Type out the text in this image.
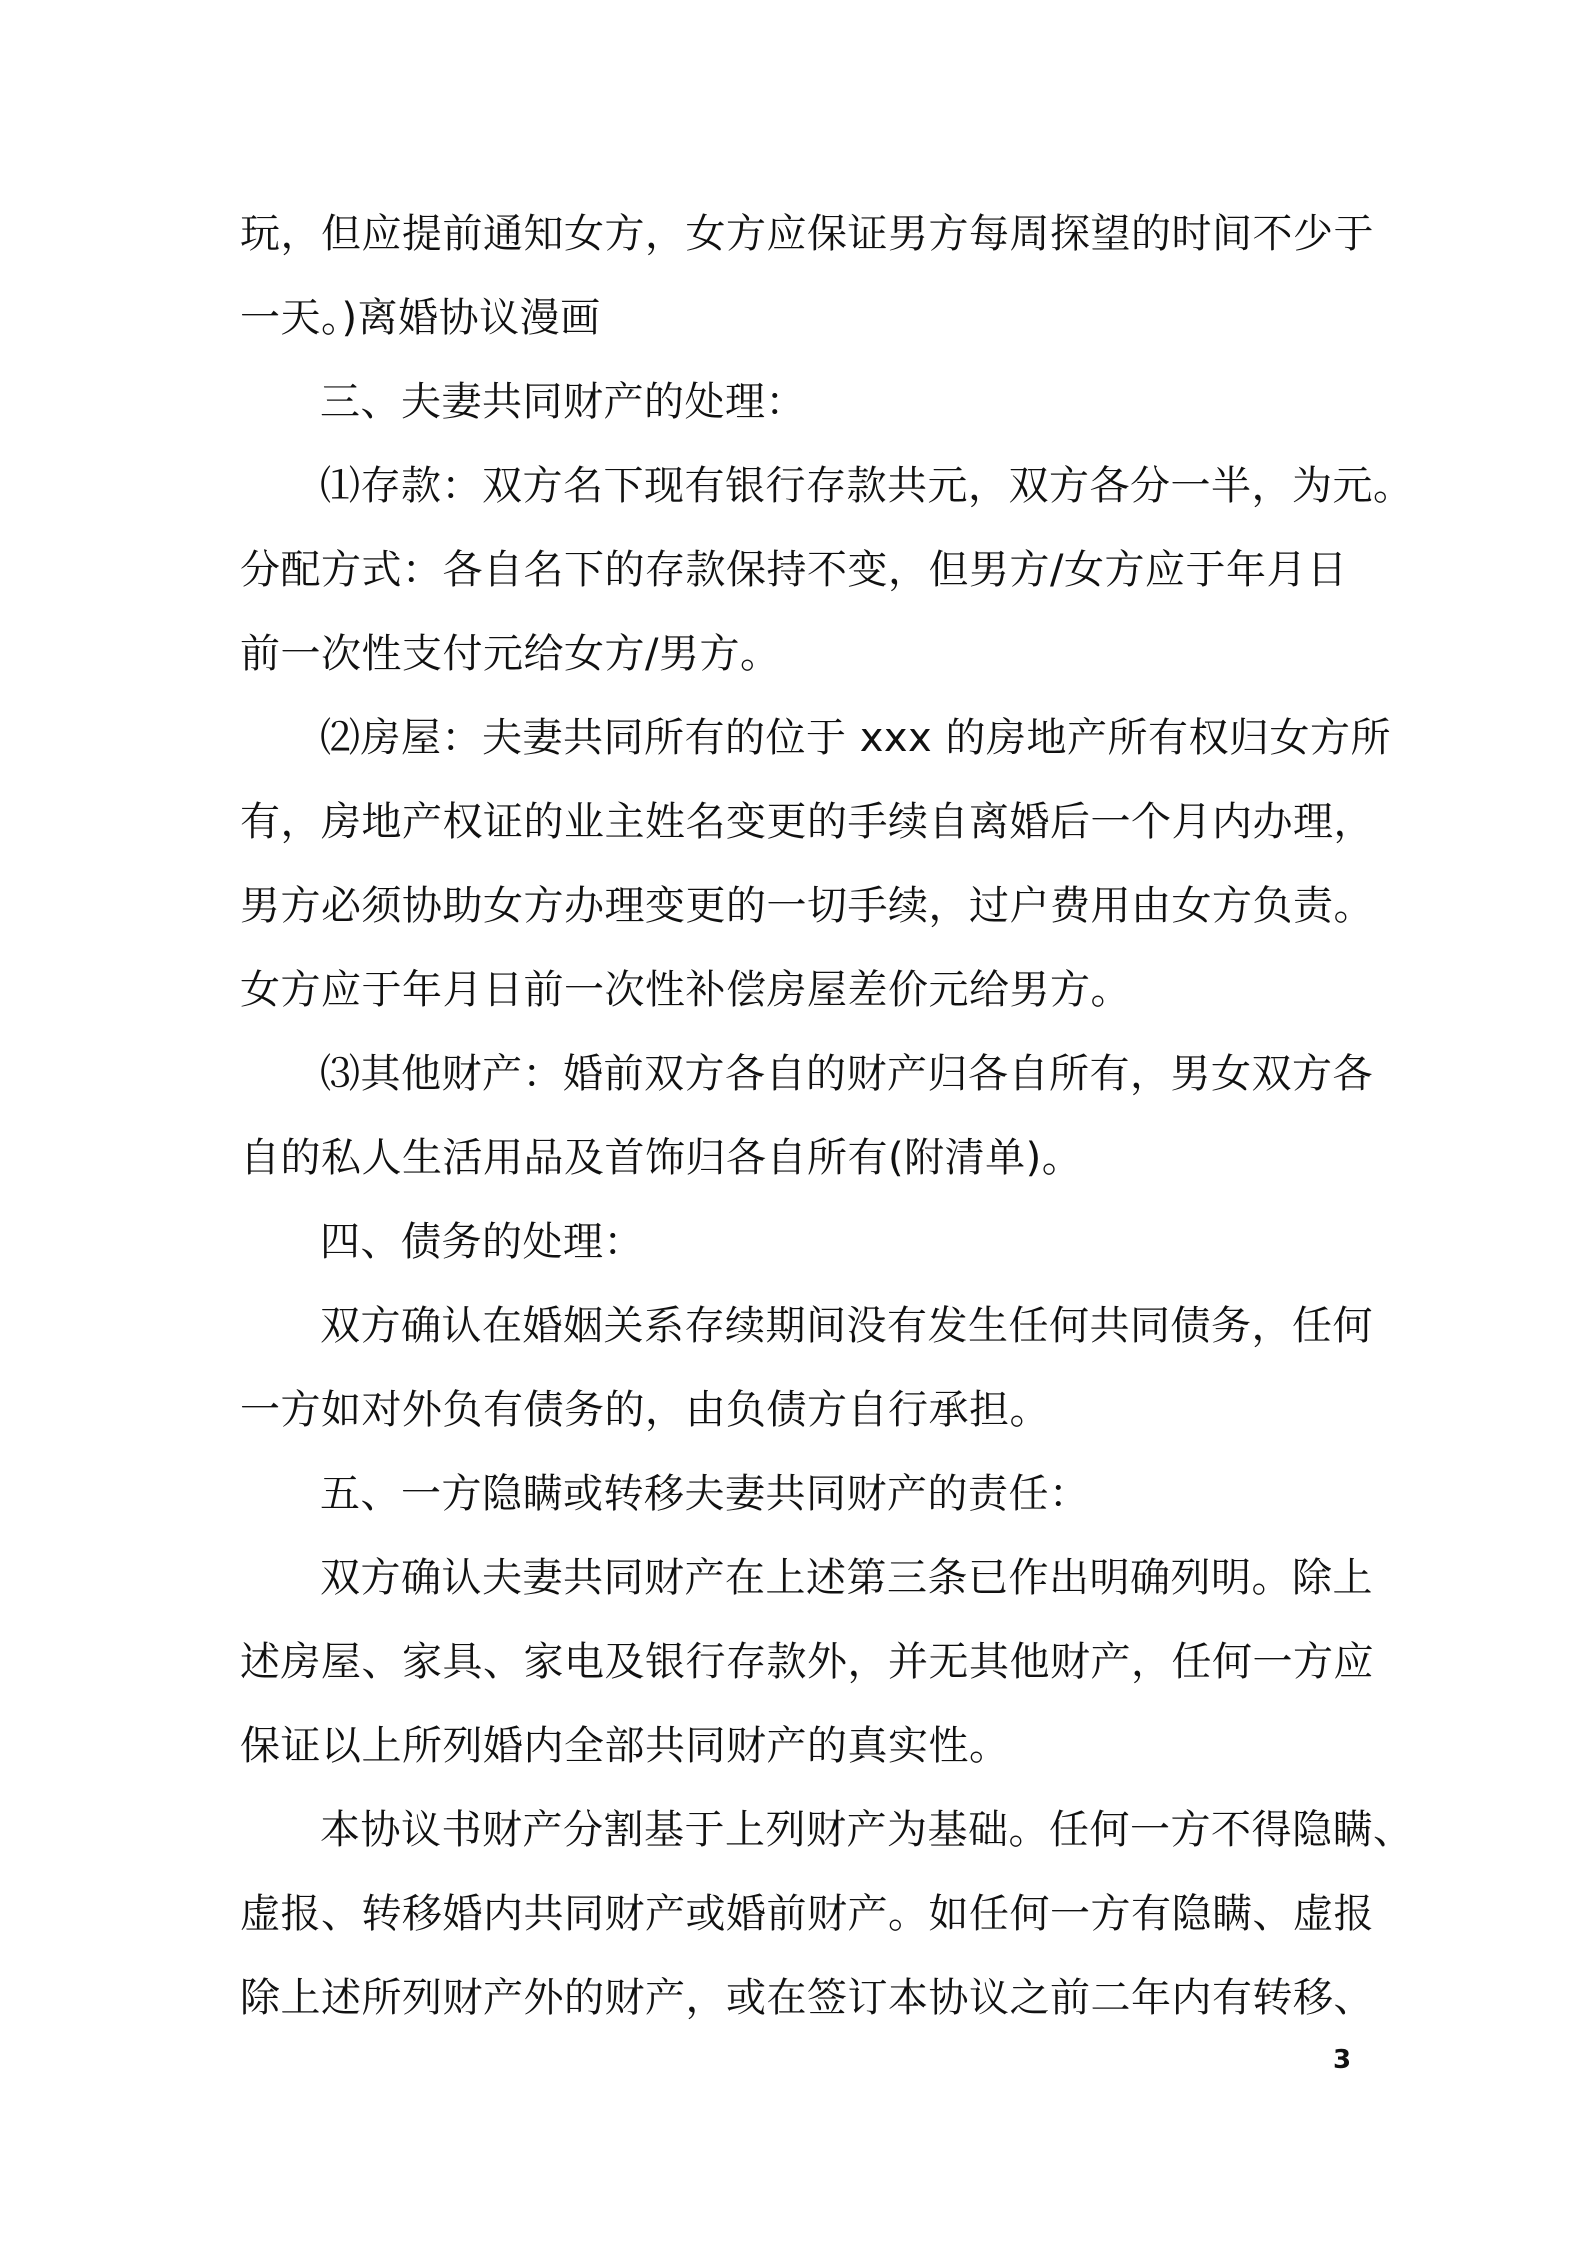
玩，但应提前通知女方，女方应保证男方每周探望的时间不少于
一天。)离婚协议漫画
三、夫妻共同财产的处理：
⑴存款：双方名下现有银行存款共元，双方各分一半，为元。
分配方式：各自名下的存款保持不变，但男方/女方应于年月日
前一次性支付元给女方/男方。
⑵房屋：夫妻共同所有的位于 xxx 的房地产所有权归女方所
有，房地产权证的业主姓名变更的手续自离婚后一个月内办理，
男方必须协助女方办理变更的一切手续，过户费用由女方负责。
女方应于年月日前一次性补偿房屋差价元给男方。
⑶其他财产：婚前双方各自的财产归各自所有，男女双方各
自的私人生活用品及首饰归各自所有(附清单)。
四、债务的处理：
双方确认在婚姻关系存续期间没有发生任何共同债务，任何
一方如对外负有债务的，由负债方自行承担。
五、一方隐瞒或转移夫妻共同财产的责任：
双方确认夫妻共同财产在上述第三条已作出明确列明。除上
述房屋、家具、家电及银行存款外，并无其他财产，任何一方应
保证以上所列婚内全部共同财产的真实性。
本协议书财产分割基于上列财产为基础。任何一方不得隐瞒、
虚报、转移婚内共同财产或婚前财产。如任何一方有隐瞒、虚报
除上述所列财产外的财产，或在签订本协议之前二年内有转移、
3
